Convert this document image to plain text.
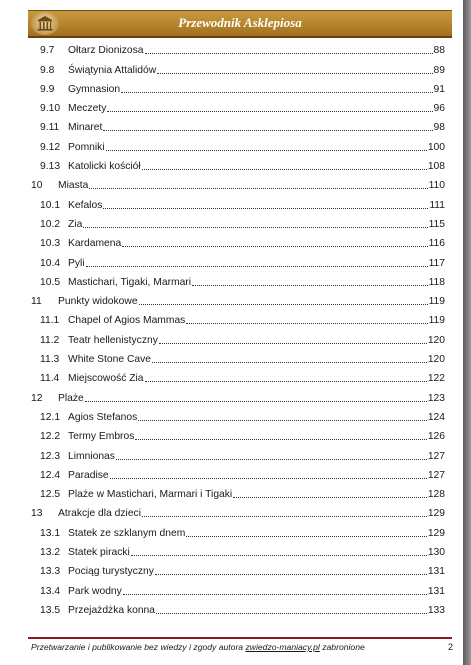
Przewodnik Asklepiosa
9.7	Ołtarz Dionizosa	88
9.8	Świątynia Attalidów	89
9.9	Gymnasion	91
9.10 Meczety	96
9.11 Minaret	98
9.12 Pomniki	100
9.13 Katolicki kościół	108
10	Miasta	110
10.1 Kefalos	111
10.2 Zia	115
10.3 Kardamena	116
10.4 Pyli	117
10.5 Mastichari, Tigaki, Marmari	118
11	Punkty widokowe	119
11.1 Chapel of Agios Mammas	119
11.2 Teatr hellenistyczny	120
11.3 White Stone Cave	120
11.4 Miejscowość Zia	122
12	Plaże	123
12.1 Agios Stefanos	124
12.2 Termy Embros	126
12.3 Limnionas	127
12.4 Paradise	127
12.5 Plaże w Mastichari, Marmari i Tigaki	128
13	Atrakcje dla dzieci	129
13.1 Statek ze szklanym dnem	129
13.2 Statek piracki	130
13.3 Pociąg turystyczny	131
13.4 Park wodny	131
13.5 Przejażdżka konna	133
Przetwarzanie i publikowanie bez wiedzy i zgody autora zwiedzo-maniacy.pl zabronione	2
